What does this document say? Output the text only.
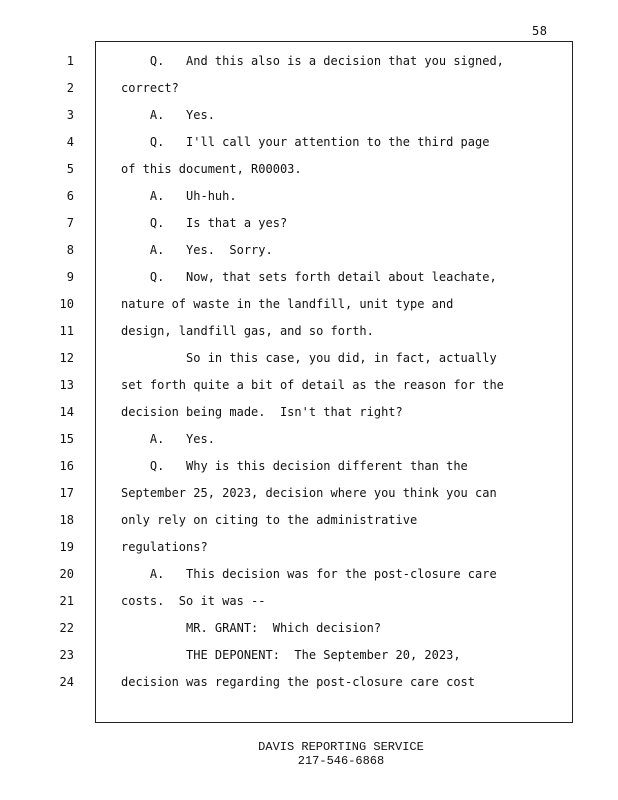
58
1	Q.   And this also is a decision that you signed,
2	correct?
3	A.   Yes.
4	Q.   I'll call your attention to the third page
5	of this document, R00003.
6	A.   Uh-huh.
7	Q.   Is that a yes?
8	A.   Yes.  Sorry.
9	Q.   Now, that sets forth detail about leachate,
10	nature of waste in the landfill, unit type and
11	design, landfill gas, and so forth.
12	So in this case, you did, in fact, actually
13	set forth quite a bit of detail as the reason for the
14	decision being made.  Isn't that right?
15	A.   Yes.
16	Q.   Why is this decision different than the
17	September 25, 2023, decision where you think you can
18	only rely on citing to the administrative
19	regulations?
20	A.   This decision was for the post-closure care
21	costs.  So it was --
22	MR. GRANT:  Which decision?
23	THE DEPONENT:  The September 20, 2023,
24	decision was regarding the post-closure care cost
DAVIS REPORTING SERVICE
217-546-6868
